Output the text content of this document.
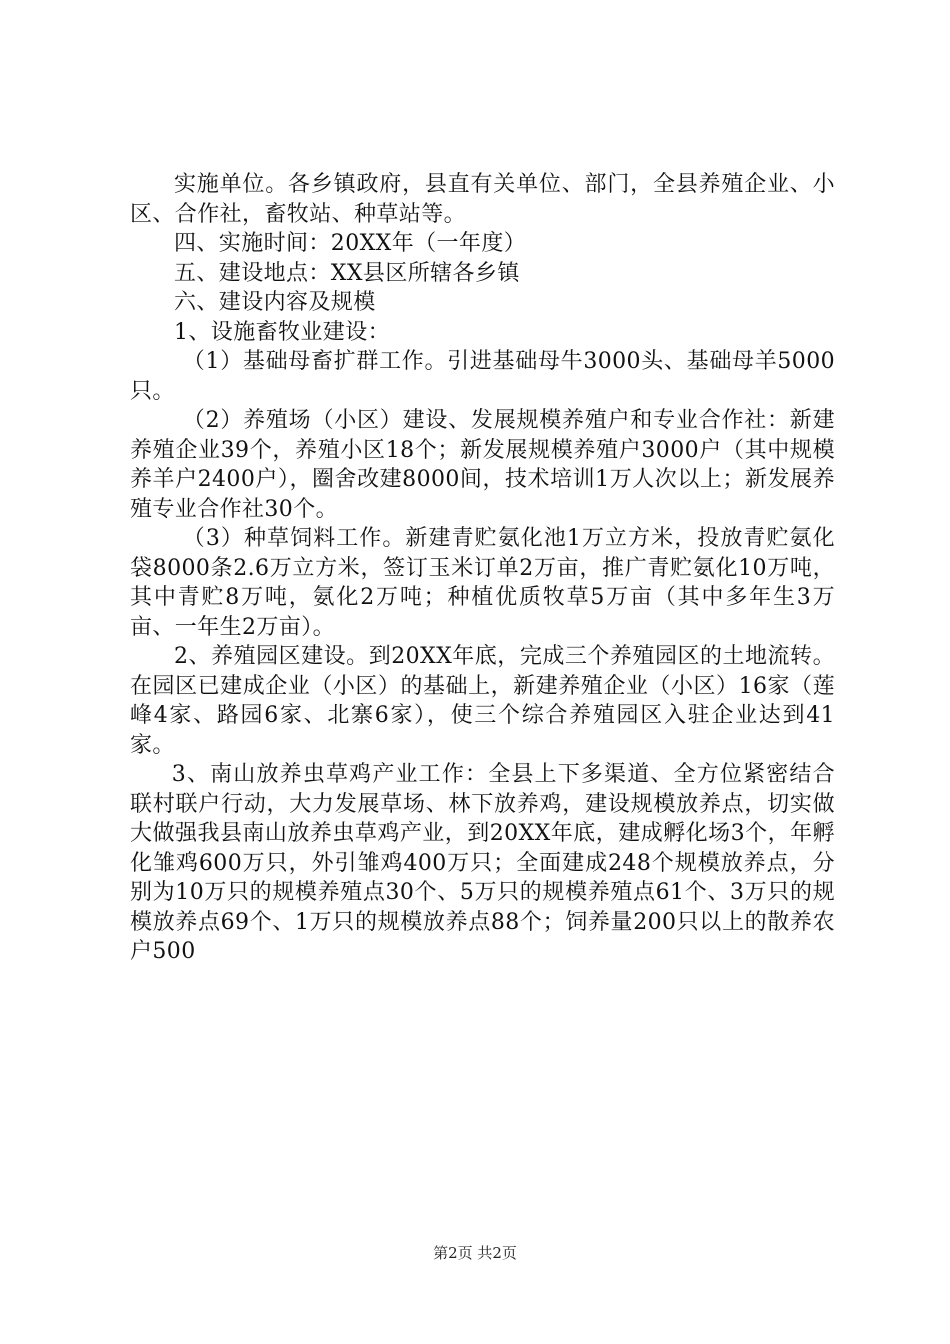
实施单位。各乡镇政府，县直有关单位、部门，全县养殖企业、小区、合作社，畜牧站、种草站等。

四、实施时间：20XX年（一年度）

五、建设地点：XX县区所辖各乡镇

六、建设内容及规模

1、设施畜牧业建设：

（1）基础母畜扩群工作。引进基础母牛3000头、基础母羊5000只。

（2）养殖场（小区）建设、发展规模养殖户和专业合作社：新建养殖企业39个，养殖小区18个；新发展规模养殖户3000户（其中规模养羊户2400户），圈舍改建8000间，技术培训1万人次以上；新发展养殖专业合作社30个。

（3）种草饲料工作。新建青贮氨化池1万立方米，投放青贮氨化袋8000条2.6万立方米，签订玉米订单2万亩，推广青贮氨化10万吨，其中青贮8万吨，氨化2万吨；种植优质牧草5万亩（其中多年生3万亩、一年生2万亩）。

2、养殖园区建设。到20XX年底，完成三个养殖园区的土地流转。在园区已建成企业（小区）的基础上，新建养殖企业（小区）16家（莲峰4家、路园6家、北寨6家），使三个综合养殖园区入驻企业达到41家。

3、南山放养虫草鸡产业工作：全县上下多渠道、全方位紧密结合联村联户行动，大力发展草场、林下放养鸡，建设规模放养点，切实做大做强我县南山放养虫草鸡产业，到20XX年底，建成孵化场3个，年孵化雏鸡600万只，外引雏鸡400万只；全面建成248个规模放养点，分别为10万只的规模养殖点30个、5万只的规模养殖点61个、3万只的规模放养点69个、1万只的规模放养点88个；饲养量200只以上的散养农户500

第2页 共2页
